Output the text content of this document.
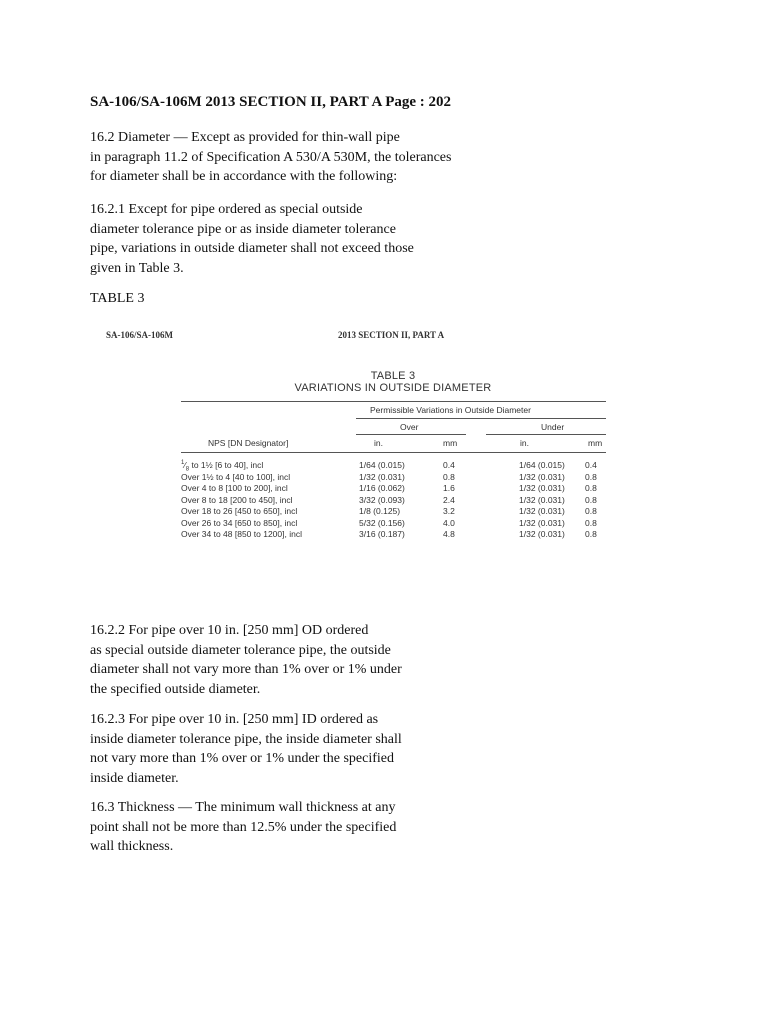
SA-106/SA-106M 2013 SECTION II, PART A Page : 202
16.2 Diameter — Except as provided for thin-wall pipe
in paragraph 11.2 of Specification A 530/A 530M, the tolerances
for diameter shall be in accordance with the following:
16.2.1 Except for pipe ordered as special outside
diameter tolerance pipe or as inside diameter tolerance
pipe, variations in outside diameter shall not exceed those
given in Table 3.
TABLE 3
SA-106/SA-106M	2013 SECTION II, PART A
TABLE 3
VARIATIONS IN OUTSIDE DIAMETER
Permissible Variations in Outside Diameter
Over	Under
NPS [DN Designator]	in.	mm	in.	mm
$^1⁄_8$ to 1½ [6 to 40], incl	1/64 (0.015)	0.4	1/64 (0.015) 0.4
Over 1½ to 4 [40 to 100], incl	1/32 (0.031)	0.8	1/32 (0.031) 0.8
Over 4 to 8 [100 to 200], incl	1/16 (0.062)	1.6	1/32 (0.031) 0.8
Over 8 to 18 [200 to 450], incl	3/32 (0.093)	2.4	1/32 (0.031) 0.8
Over 18 to 26 [450 to 650], incl	1/8 (0.125)	3.2	1/32 (0.031) 0.8
Over 26 to 34 [650 to 850], incl	5/32 (0.156)	4.0	1/32 (0.031) 0.8
Over 34 to 48 [850 to 1200], incl	3/16 (0.187)	4.8	1/32 (0.031) 0.8
16.2.2 For pipe over 10 in. [250 mm] OD ordered
as special outside diameter tolerance pipe, the outside
diameter shall not vary more than 1% over or 1% under
the specified outside diameter.
16.2.3 For pipe over 10 in. [250 mm] ID ordered as
inside diameter tolerance pipe, the inside diameter shall
not vary more than 1% over or 1% under the specified
inside diameter.
16.3 Thickness — The minimum wall thickness at any
point shall not be more than 12.5% under the specified
wall thickness.
